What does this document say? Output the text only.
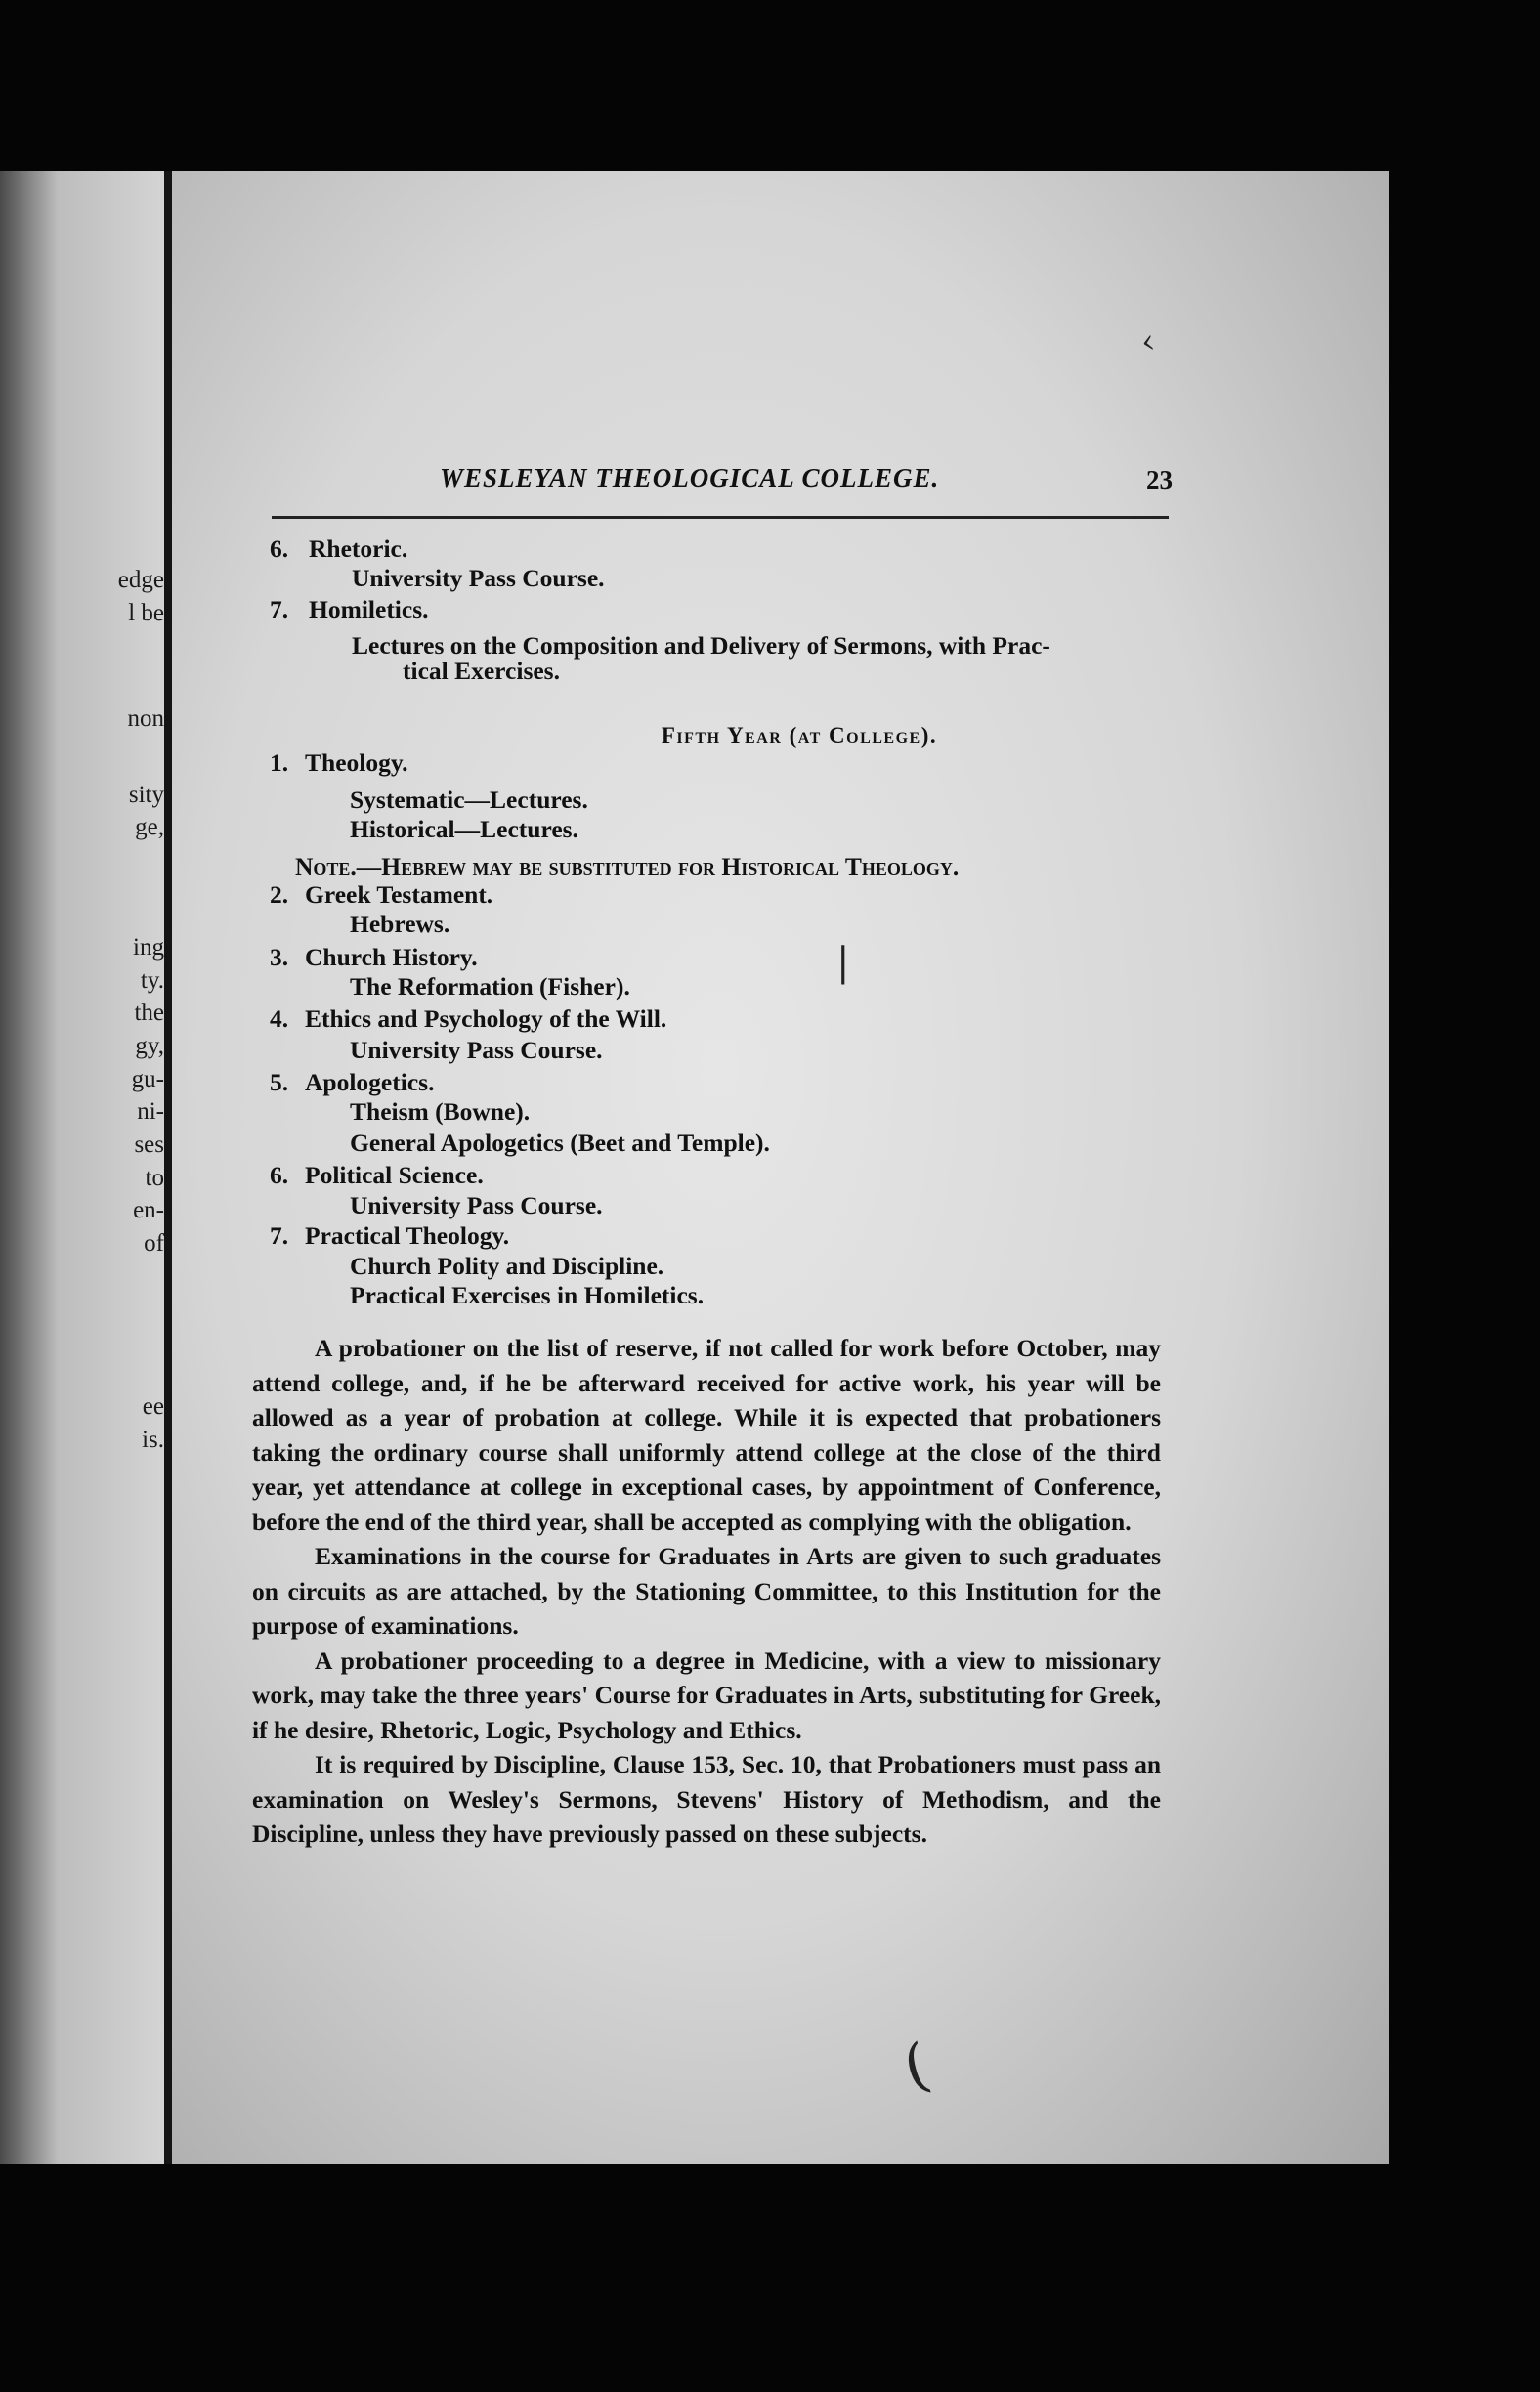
edge
l be
non
sity
ge,
ing
ty.
the
gy,
gu-
ni-
ses
to
en-
of
ee
is.
WESLEYAN THEOLOGICAL COLLEGE.	23
6. Rhetoric.
University Pass Course.
7. Homiletics.
Lectures on the Composition and Delivery of Sermons, with Prac-
tical Exercises.
Fifth Year (at College).
1. Theology.
Systematic—Lectures.
Historical—Lectures.
Note.—Hebrew may be substituted for Historical Theology.
2. Greek Testament.
Hebrews.
3. Church History.
The Reformation (Fisher).
4. Ethics and Psychology of the Will.
University Pass Course.
5. Apologetics.
Theism (Bowne).
General Apologetics (Beet and Temple).
6. Political Science.
University Pass Course.
7. Practical Theology.
Church Polity and Discipline.
Practical Exercises in Homiletics.

A probationer on the list of reserve, if not called for work before October, may attend college, and, if he be afterward received for active work, his year will be allowed as a year of probation at college. While it is expected that probationers taking the ordinary course shall uniformly attend college at the close of the third year, yet attendance at college in exceptional cases, by appointment of Conference, before the end of the third year, shall be accepted as complying with the obligation.

Examinations in the course for Graduates in Arts are given to such graduates on circuits as are attached, by the Stationing Committee, to this Institution for the purpose of examinations.

A probationer proceeding to a degree in Medicine, with a view to missionary work, may take the three years' Course for Graduates in Arts, substituting for Greek, if he desire, Rhetoric, Logic, Psychology and Ethics.

It is required by Discipline, Clause 153, Sec. 10, that Probationers must pass an examination on Wesley's Sermons, Stevens' History of Methodism, and the Discipline, unless they have previously passed on these subjects.

‹
|
(
